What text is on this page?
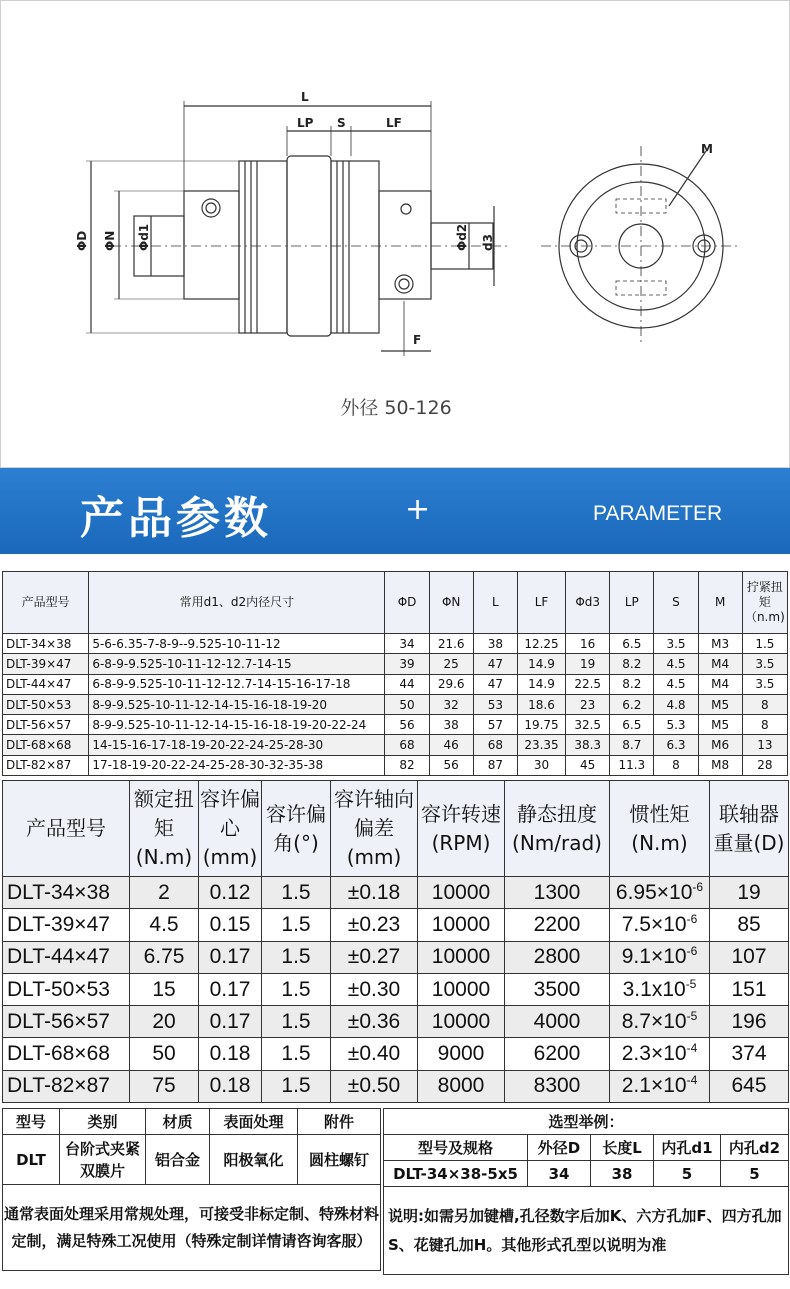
L
LP S	LF
ΦD ΦN Φd1	Φd2 d3
F
M
外径 50-126
产品参数	+	PARAMETER
产品型号	常用d1、d2内径尺寸	ΦD	ΦN	L	LF	Φd3	LP	S	M	拧紧扭矩（n.m)
DLT-34×38	5-6-6.35-7-8-9--9.525-10-11-12	34	21.6	38	12.25	16	6.5	3.5	M3	1.5
DLT-39×47	6-8-9-9.525-10-11-12-12.7-14-15	39	25	47	14.9	19	8.2	4.5	M4	3.5
DLT-44×47	6-8-9-9.525-10-11-12-12.7-14-15-16-17-18	44	29.6	47	14.9	22.5	8.2	4.5	M4	3.5
DLT-50×53	8-9-9.525-10-11-12-14-15-16-18-19-20	50	32	53	18.6	23	6.2	4.8	M5	8
DLT-56×57	8-9-9.525-10-11-12-14-15-16-18-19-20-22-24	56	38	57	19.75	32.5	6.5	5.3	M5	8
DLT-68×68	14-15-16-17-18-19-20-22-24-25-28-30	68	46	68	23.35	38.3	8.7	6.3	M6	13
DLT-82×87	17-18-19-20-22-24-25-28-30-32-35-38	82	56	87	30	45	11.3	8	M8	28
产品型号	额定扭矩(N.m)	容许偏心(mm)	容许偏角(°)	容许轴向偏差(mm)	容许转速(RPM)	静态扭度(Nm/rad)	惯性矩(N.m)	联轴器重量(D)
DLT-34×38	2	0.12	1.5	±0.18	10000	1300	$6.95\times 10^{-6}$	19
DLT-39×47	4.5	0.15	1.5	±0.23	10000	2200	$7.5\times 10^{-6}$	85
DLT-44×47	6.75	0.17	1.5	±0.27	10000	2800	$9.1\times 10^{-6}$	107
DLT-50×53	15	0.17	1.5	±0.30	10000	3500	$3.1x10^{-5}$	151
DLT-56×57	20	0.17	1.5	±0.36	10000	4000	$8.7\times 10^{-5}$	196
DLT-68×68	50	0.18	1.5	±0.40	9000	6200	$2.3\times 10^{-4}$	374
DLT-82×87	75	0.18	1.5	±0.50	8000	8300	$2.1\times 10^{-4}$	645
型号	类别	材质	表面处理	附件
DLT	台阶式夹紧双膜片	铝合金	阳极氧化	圆柱螺钉
通常表面处理采用常规处理，可接受非标定制、特殊材料定制，满足特殊工况使用（特殊定制详情请咨询客服）				
选型举例：				
型号及规格	外径D	长度L	内孔d1	内孔d2
DLT-34×38-5x5	34	38	5	5
说明:如需另加键槽,孔径数字后加K、六方孔加F、四方孔加S、花键孔加H。其他形式孔型以说明为准				
